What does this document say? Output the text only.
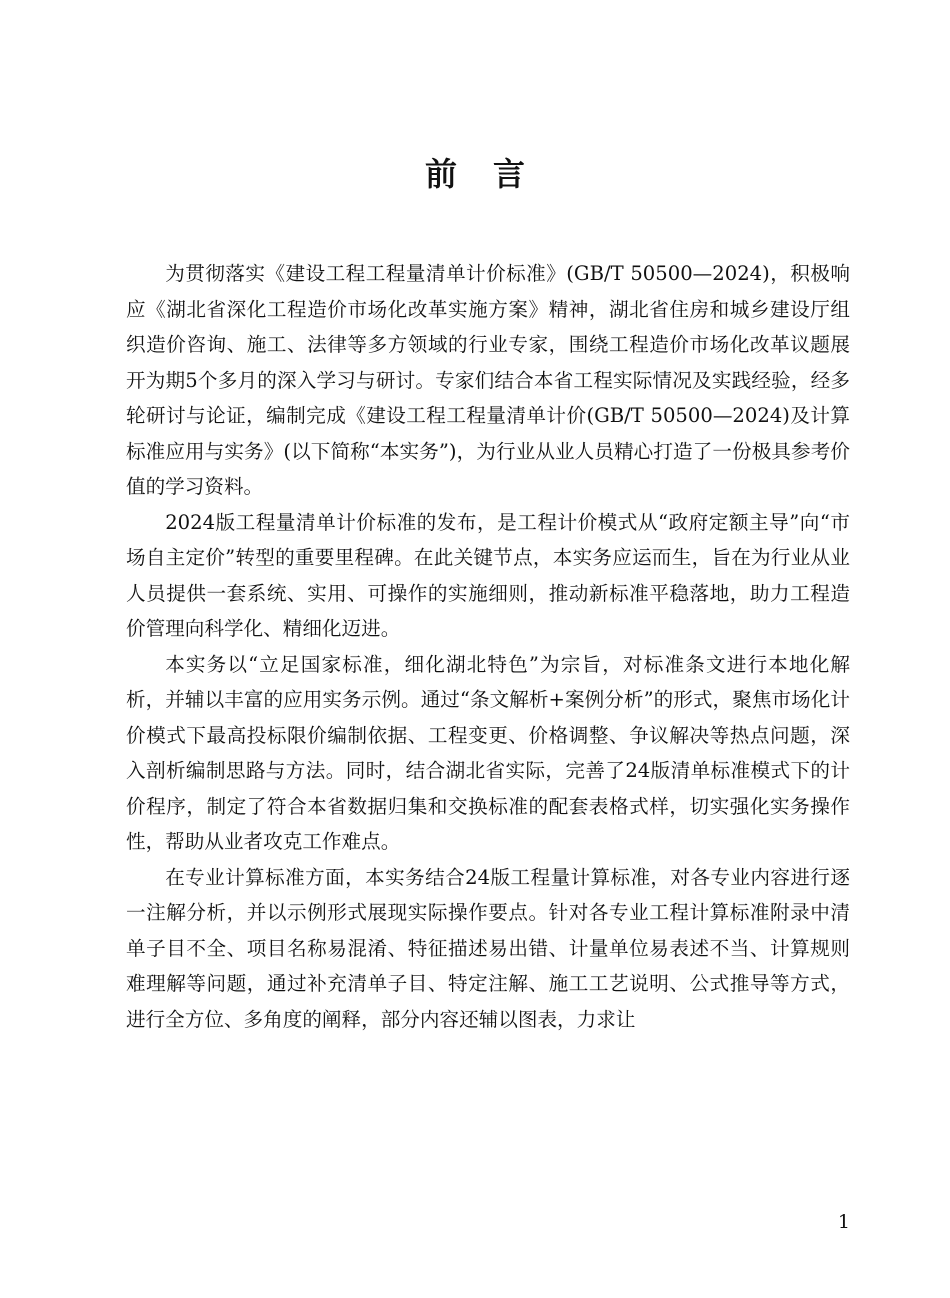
前言

为贯彻落实《建设工程工程量清单计价标准》(GB/T 50500—2024)，积极响应《湖北省深化工程造价市场化改革实施方案》精神，湖北省住房和城乡建设厅组织造价咨询、施工、法律等多方领域的行业专家，围绕工程造价市场化改革议题展开为期5个多月的深入学习与研讨。专家们结合本省工程实际情况及实践经验，经多轮研讨与论证，编制完成《建设工程工程量清单计价(GB/T 50500—2024)及计算标准应用与实务》(以下简称“本实务”)，为行业从业人员精心打造了一份极具参考价值的学习资料。

2024版工程量清单计价标准的发布，是工程计价模式从“政府定额主导”向“市场自主定价”转型的重要里程碑。在此关键节点，本实务应运而生，旨在为行业从业人员提供一套系统、实用、可操作的实施细则，推动新标准平稳落地，助力工程造价管理向科学化、精细化迈进。

本实务以“立足国家标准，细化湖北特色”为宗旨，对标准条文进行本地化解析，并辅以丰富的应用实务示例。通过“条文解析+案例分析”的形式，聚焦市场化计价模式下最高投标限价编制依据、工程变更、价格调整、争议解决等热点问题，深入剖析编制思路与方法。同时，结合湖北省实际，完善了24版清单标准模式下的计价程序，制定了符合本省数据归集和交换标准的配套表格式样，切实强化实务操作性，帮助从业者攻克工作难点。

在专业计算标准方面，本实务结合24版工程量计算标准，对各专业内容进行逐一注解分析，并以示例形式展现实际操作要点。针对各专业工程计算标准附录中清单子目不全、项目名称易混淆、特征描述易出错、计量单位易表述不当、计算规则难理解等问题，通过补充清单子目、特定注解、施工工艺说明、公式推导等方式，进行全方位、多角度的阐释，部分内容还辅以图表，力求让

1
